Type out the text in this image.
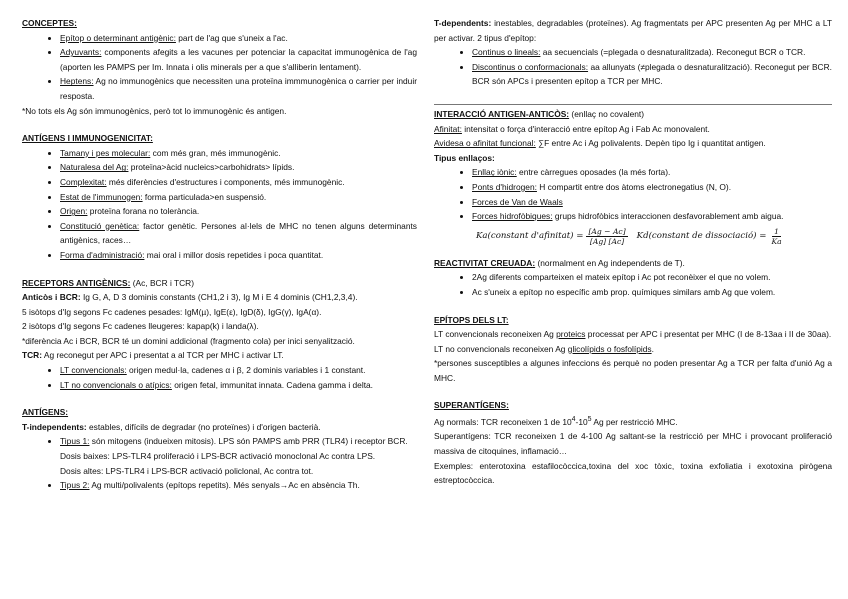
CONCEPTES:

• Epítop o determinant antigènic: part de l'ag que s'uneix a l'ac.
• Adyuvants: components afegits a les vacunes per potenciar la capacitat immunogènica de l'ag (aporten les PAMPS per Im. Innata i olis minerals per a que s'alliberin lentament).
• Heptens: Ag no immunogènics que necessiten una proteïna immmunogènica o carrier per induir resposta.

*No tots els Ag són immunogènics, però tot lo immunogènic és antigen.

ANTÍGENS I IMMUNOGENICITAT:

• Tamany i pes molecular: com més gran, més immunogènic.
• Naturalesa del Ag: proteïna>àcid nucleics>carbohidrats> lípids.
• Complexitat: més diferències d'estructures i components, més immunogènic.
• Estat de l'immunogen: forma particulada>en suspensió.
• Origen: proteïna forana no tolerància.
• Constitució genètica: factor genètic. Persones al·lels de MHC no tenen alguns determinants antigènics, races…
• Forma d'administració: mai oral i millor dosis repetides i poca quantitat.

RECEPTORS ANTIGÈNICS: (Ac, BCR i TCR)

Anticòs i BCR: Ig G, A, D 3 dominis constants (CH1,2 i 3), Ig M i E 4 dominis (CH1,2,3,4).

5 isòtops d'Ig segons Fc cadenes pesades: IgM(µ), IgE(ε), IgD(δ), IgG(γ), IgA(α).

2 isòtops d'Ig segons Fc cadenes lleugeres: kapap(k) i landa(λ).

*diferència Ac i BCR, BCR té un domini addicional (fragmento cola) per inici senyalització.

TCR: Ag reconegut per APC i presentat a al TCR per MHC i activar LT.

• LT convencionals: origen medul·la, cadenes α i β, 2 dominis variables i 1 constant.
• LT no convencionals o atípics: origen fetal, immunitat innata. Cadena gamma i delta.

ANTÍGENS:

T-independents: estables, difícils de degradar (no proteïnes) i d'origen bacterià.

• Tipus 1: són mitogens (indueixen mitosis). LPS són PAMPS amb PRR (TLR4) i receptor BCR.
Dosis baixes: LPS-TLR4 proliferació i LPS-BCR activació monoclonal Ac contra LPS.
Dosis altes: LPS-TLR4 i LPS-BCR activació policlonal, Ac contra tot.
• Tipus 2: Ag multi/polivalents (epítops repetits). Més senyals→Ac en absència Th.

T-dependents: inestables, degradables (proteïnes). Ag fragmentats per APC presenten Ag per MHC a LT per activar. 2 tipus d'epítop:

• Continus o lineals: aa secuencials (=plegada o desnaturalitzada). Reconegut BCR o TCR.
• Discontinus o conformacionals: aa allunyats (≠plegada o desnaturalització). Reconegut per BCR. BCR són APCs i presenten epítop a TCR per MHC.

INTERACCIÓ ANTIGEN-ANTICÒS: (enllaç no covalent)

Afinitat: intensitat o força d'interacció entre epítop Ag i Fab Ac monovalent.

Avidesa o afinitat funcional: ∑F entre Ac i Ag polivalents. Depèn tipo Ig i quantitat antigen.

Tipus enllaços:

• Enllaç iònic: entre càrregues oposades (la més forta).
• Ponts d'hidrogen: H compartit entre dos àtoms electronegatius (N, O).
• Forces de Van de Waals
• Forces hidrofòbiques: grups hidrofòbics interaccionen desfavorablement amb aigua.
Ka(constant d'afinitat) = $\frac{[Ag - Ac]}{[Ag] [Ac]}$ Kd(constant de dissociació) = $\frac{1}{Ka}$

REACTIVITAT CREUADA: (normalment en Ag independents de T).

• 2Ag diferents comparteixen el mateix epítop i Ac pot reconèixer el que no volem.
• Ac s'uneix a epítop no específic amb prop. químiques similars amb Ag que volem.

EPÍTOPS DELS LT:

LT convencionals reconeixen Ag proteics processat per APC i presentat per MHC (I de 8-13aa i II de 30aa).

LT no convencionals reconeixen Ag glicolípids o fosfolípids.

*persones susceptibles a algunes infeccions és perquè no poden presentar Ag a TCR per falta d'unió Ag a MHC.

SUPERANTÍGENS:

Ag normals: TCR reconeixen 1 de $10^4-10^5$ Ag per restricció MHC.

Superantígens: TCR reconeixen 1 de 4-100 Ag saltant-se la restricció per MHC i provocant proliferació massiva de citoquines, inflamació…

Exemples: enterotoxina estafilocòccica,toxina del xoc tòxic, toxina exfoliatia i exotoxina pirògena estreptocòccica.
